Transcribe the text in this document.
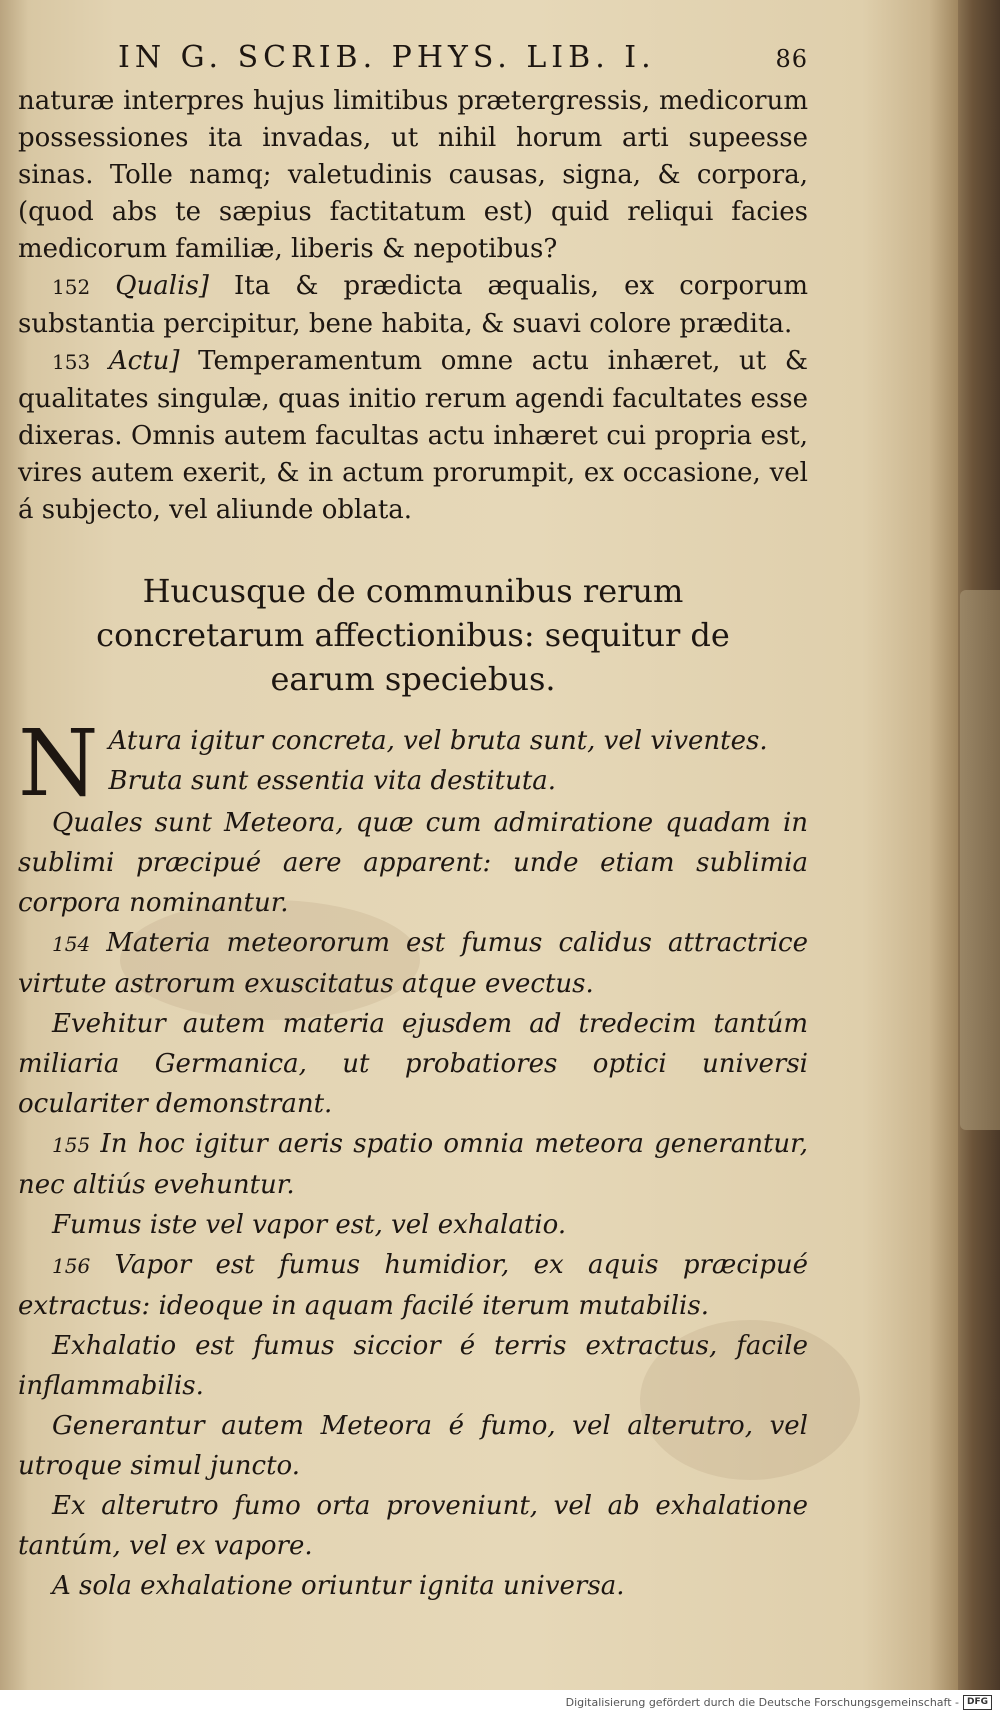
IN G. SCRIB. PHYS. LIB. I.	86

naturæ interpres hujus limitibus prætergressis, medicorum possessiones ita invadas, ut nihil horum arti supeesse sinas. Tolle namq; valetudinis causas, signa, & corpora, (quod abs te sæpius factitatum est) quid reliqui facies medicorum familiæ, liberis & nepotibus?

152 Qualis] Ita & prædicta æqualis, ex corporum substantia percipitur, bene habita, & suavi colore prædita.

153 Actu] Temperamentum omne actu inhæret, ut & qualitates singulæ, quas initio rerum agendi facultates esse dixeras. Omnis autem facultas actu inhæret cui propria est, vires autem exerit, & in actum prorumpit, ex occasione, vel á subjecto, vel aliunde oblata.

Hucusque de communibus rerum concretarum affectionibus: sequitur de earum speciebus.
N Atura igitur concreta, vel bruta sunt, vel viventes.

Bruta sunt essentia vita destituta.

Quales sunt Meteora, quæ cum admiratione quadam in sublimi præcipué aere apparent: unde etiam sublimia corpora nominantur.

154 Materia meteororum est fumus calidus attractrice virtute astrorum exuscitatus atque evectus.

Evehitur autem materia ejusdem ad tredecim tantúm miliaria Germanica, ut probatiores optici universi oculariter demonstrant.

155 In hoc igitur aeris spatio omnia meteora generantur, nec altiús evehuntur.

Fumus iste vel vapor est, vel exhalatio.

156 Vapor est fumus humidior, ex aquis præcipué extractus: ideoque in aquam facilé iterum mutabilis.

Exhalatio est fumus siccior é terris extractus, facile inflammabilis.

Generantur autem Meteora é fumo, vel alterutro, vel utroque simul juncto.

Ex alterutro fumo orta proveniunt, vel ab exhalatione tantúm, vel ex vapore.

A sola exhalatione oriuntur ignita universa.

Digitalisierung gefördert durch die Deutsche Forschungsgemeinschaft - DFG
